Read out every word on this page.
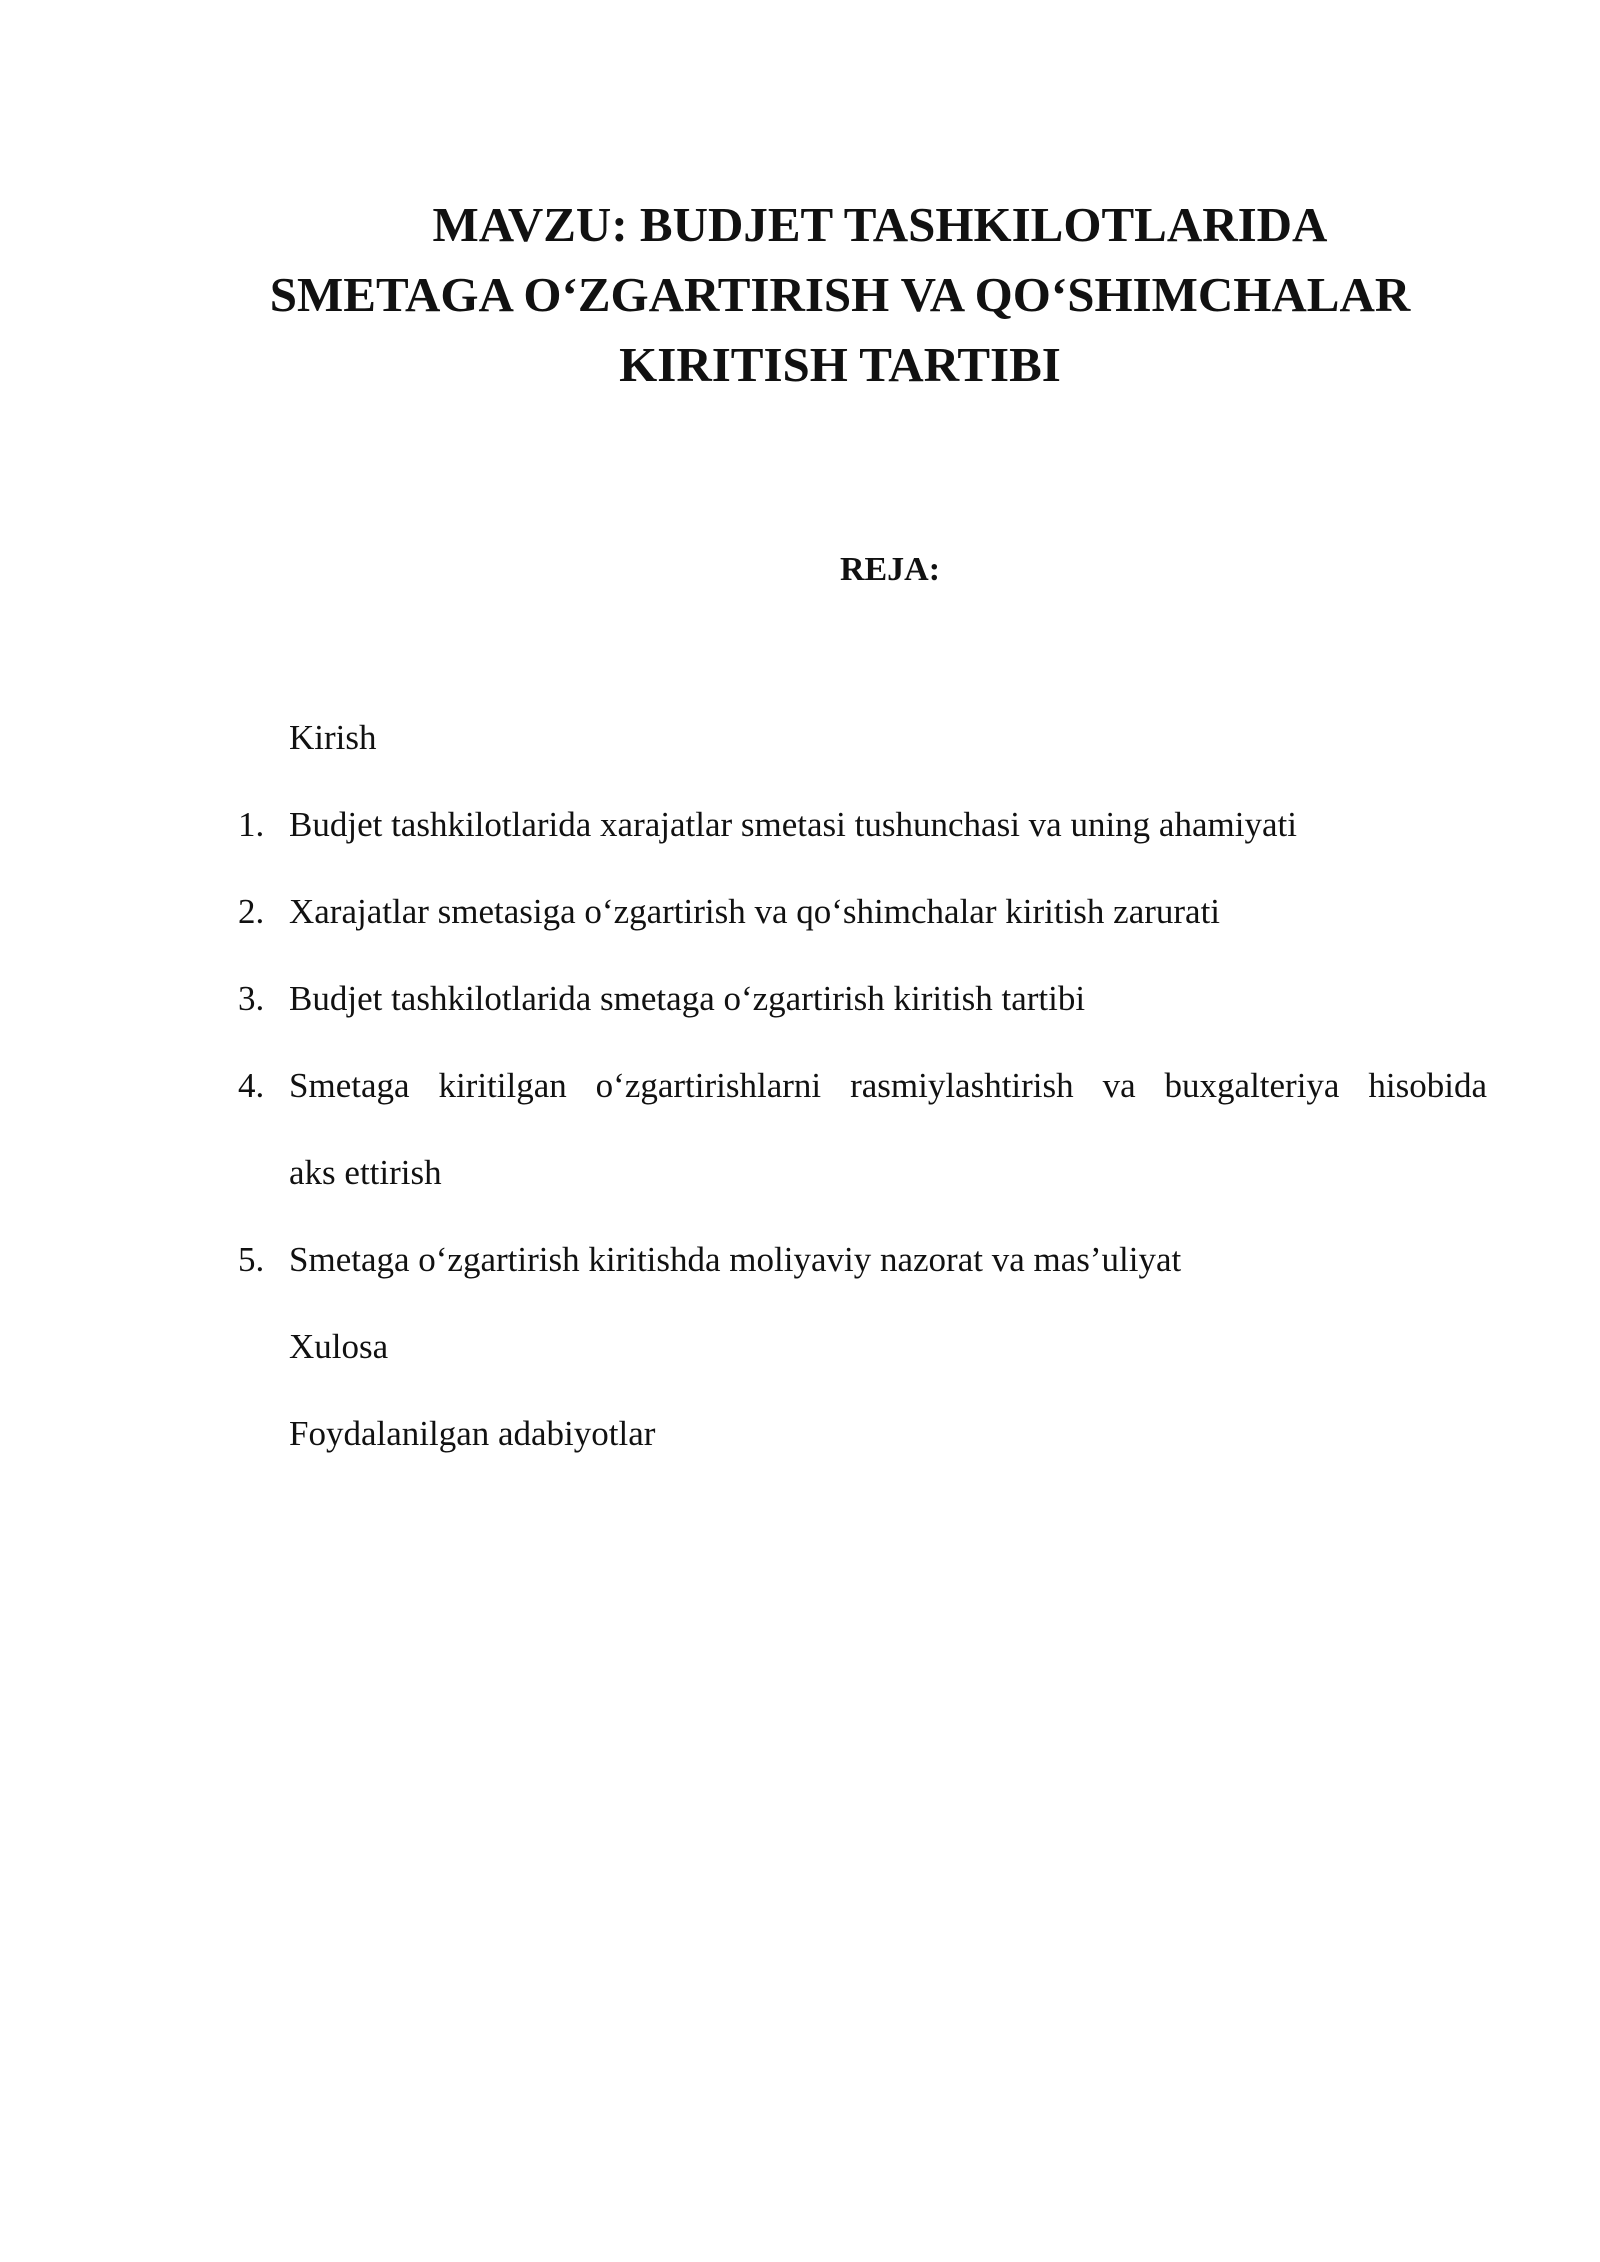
MAVZU: BUDJET TASHKILOTLARIDA
SMETAGA O‘ZGARTIRISH VA QO‘SHIMCHALAR
KIRITISH TARTIBI
REJA:
Kirish
1. Budjet tashkilotlarida xarajatlar smetasi tushunchasi va uning ahamiyati
2. Xarajatlar smetasiga o‘zgartirish va qo‘shimchalar kiritish zarurati
3. Budjet tashkilotlarida smetaga o‘zgartirish kiritish tartibi
4. Smetaga kiritilgan o‘zgartirishlarni rasmiylashtirish va buxgalteriya hisobida
aks ettirish
5. Smetaga o‘zgartirish kiritishda moliyaviy nazorat va mas’uliyat
Xulosa
Foydalanilgan adabiyotlar
